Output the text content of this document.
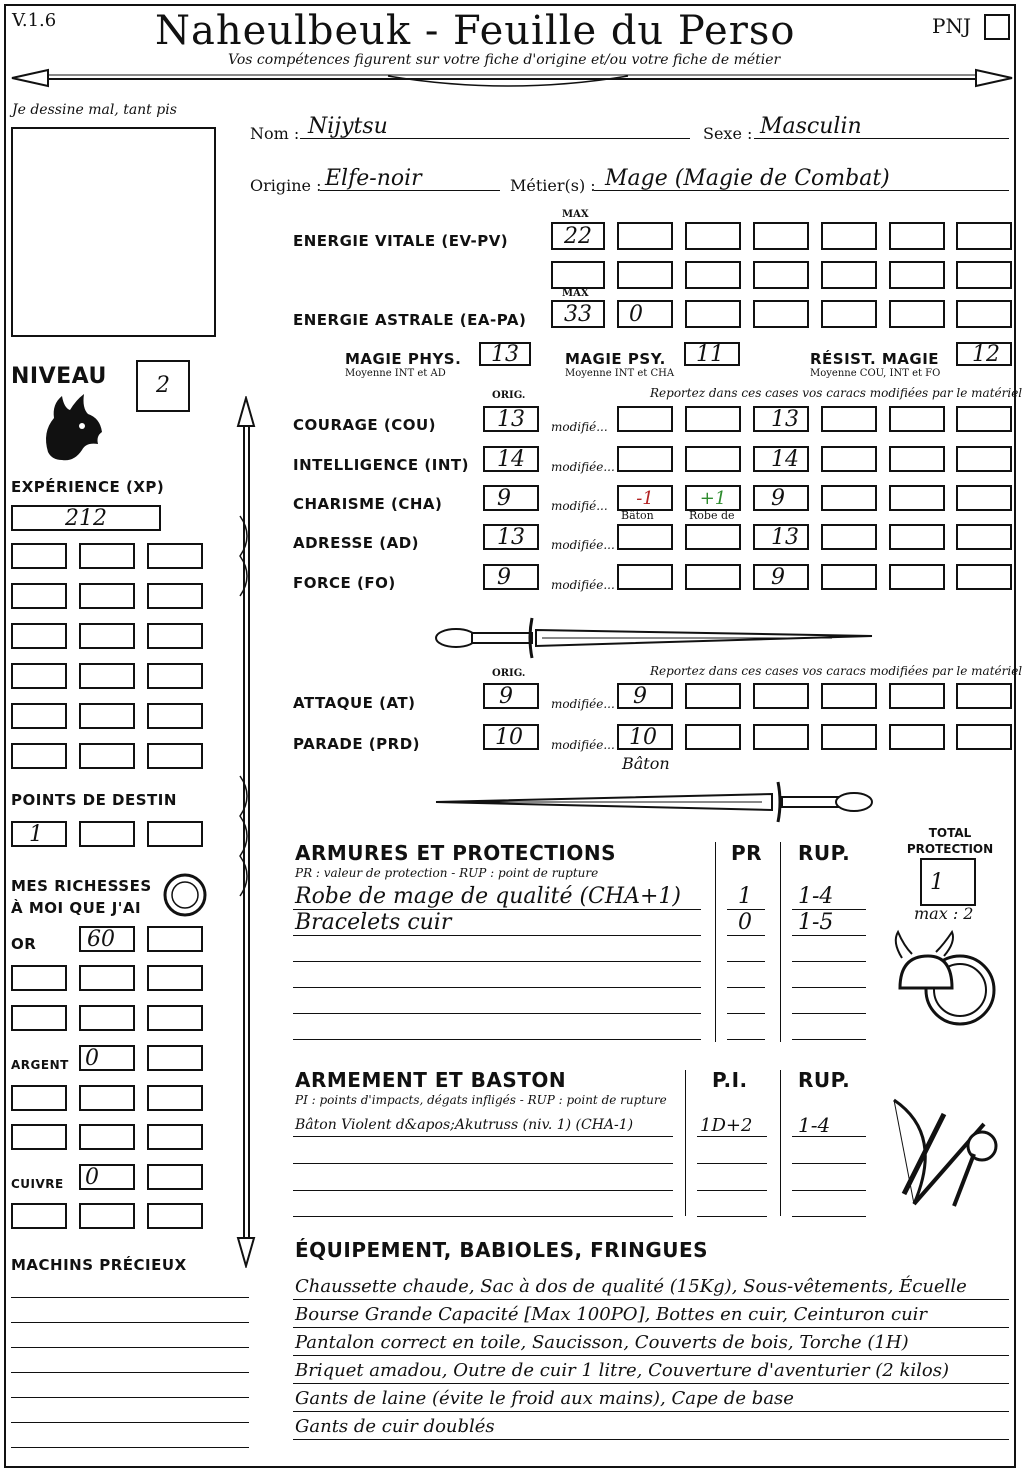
V.1.6 Naheulbeuk - Feuille du Perso	PNJ
Vos compétences figurent sur votre fiche d'origine et/ou votre fiche de métier
Je dessine mal, tant pis
Nom : Nijytsu	Sexe : Masculin
Origine : Elfe-noir	Métier(s) : Mage (Magie de Combat)
MAX
ENERGIE VITALE (EV-PV)	22
MAX
ENERGIE ASTRALE (EA-PA)	33	0
MAGIE PHYS.
Moyenne INT et AD
13	MAGIE PSY.
Moyenne INT et CHA
11	RÉSIST. MAGIE
Moyenne COU, INT et FO
12
NIVEAU	2
EXPÉRIENCE (XP)
212
POINTS DE DESTIN
1
MES RICHESSES
À MOI QUE J'AI
OR	60
ARGENT 0
CUIVRE 0
MACHINS PRÉCIEUX
ORIG.	Reportez dans ces cases vos caracs modifiées par le matériel
COURAGE (COU)	13	modifié...	13
INTELLIGENCE (INT)	14	modifiée...	14
CHARISME (CHA)	9	modifié...	-1	+1	9
Bâton	Robe de
ADRESSE (AD)	13	modifiée...	13
FORCE (FO)	9	modifiée...	9
ORIG.	Reportez dans ces cases vos caracs modifiées par le matériel
ATTAQUE (AT)	9	modifiée... 9
PARADE (PRD)	10	modifiée... 10
Bâton
ARMURES ET PROTECTIONS
PR : valeur de protection - RUP : point de rupture
PR RUP.
Robe de mage de qualité (CHA+1)	1 1-4
Bracelets cuir	0 1-5
TOTAL
PROTECTION
1
max : 2
ARMEMENT ET BASTON
PI : points d'impacts, dégats infligés - RUP : point de rupture
P.I.	RUP.
Bâton Violent d&apos;Akutruss (niv. 1) (CHA-1)	1D+2 1-4
ÉQUIPEMENT, BABIOLES, FRINGUES
Chaussette chaude, Sac à dos de qualité (15Kg), Sous-vêtements, Écuelle
Bourse Grande Capacité [Max 100PO], Bottes en cuir, Ceinturon cuir
Pantalon correct en toile, Saucisson, Couverts de bois, Torche (1H)
Briquet amadou, Outre de cuir 1 litre, Couverture d'aventurier (2 kilos)
Gants de laine (évite le froid aux mains), Cape de base
Gants de cuir doublés
